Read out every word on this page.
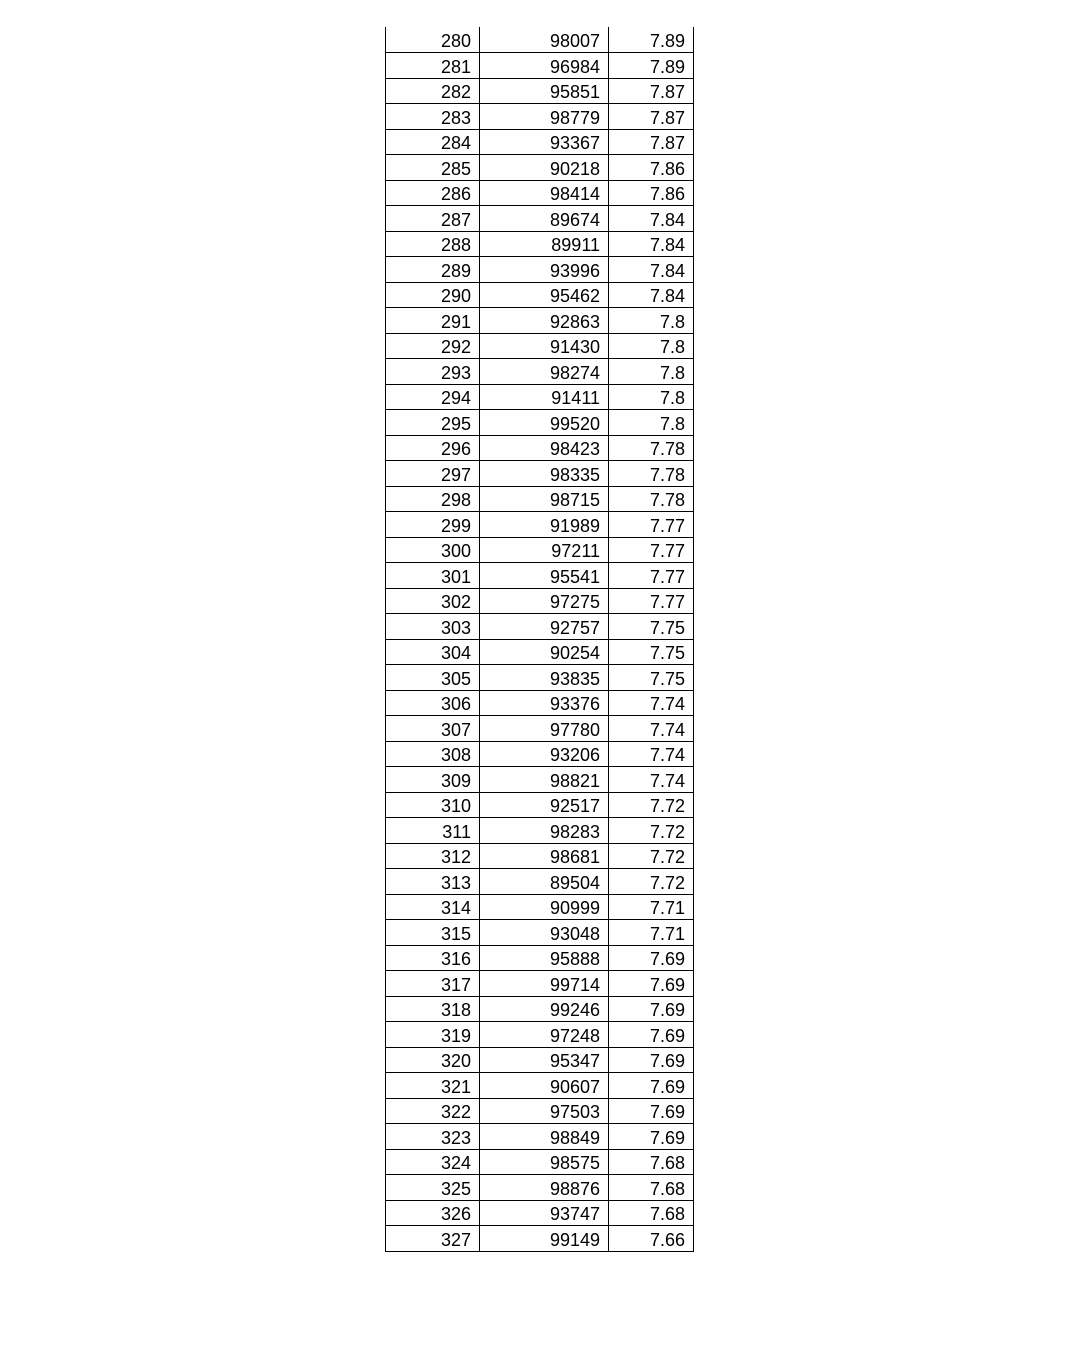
280	98007	7.89
281	96984	7.89
282	95851	7.87
283	98779	7.87
284	93367	7.87
285	90218	7.86
286	98414	7.86
287	89674	7.84
288	89911	7.84
289	93996	7.84
290	95462	7.84
291	92863	7.8
292	91430	7.8
293	98274	7.8
294	91411	7.8
295	99520	7.8
296	98423	7.78
297	98335	7.78
298	98715	7.78
299	91989	7.77
300	97211	7.77
301	95541	7.77
302	97275	7.77
303	92757	7.75
304	90254	7.75
305	93835	7.75
306	93376	7.74
307	97780	7.74
308	93206	7.74
309	98821	7.74
310	92517	7.72
311	98283	7.72
312	98681	7.72
313	89504	7.72
314	90999	7.71
315	93048	7.71
316	95888	7.69
317	99714	7.69
318	99246	7.69
319	97248	7.69
320	95347	7.69
321	90607	7.69
322	97503	7.69
323	98849	7.69
324	98575	7.68
325	98876	7.68
326	93747	7.68
327	99149	7.66
